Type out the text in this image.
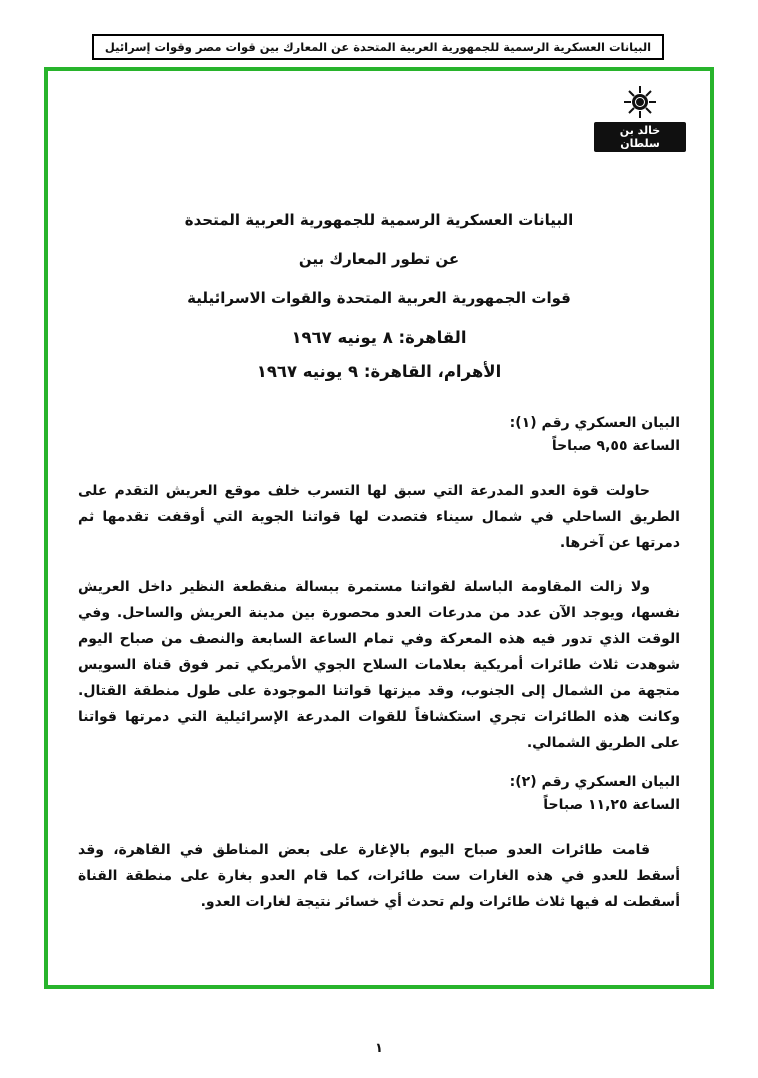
البيانات العسكرية الرسمية للجمهورية العربية المتحدة عن المعارك بين قوات مصر وقوات إسرائيل
خالد بن سلطان
البيانات العسكرية الرسمية للجمهورية العربية المتحدة
عن تطور المعارك بين
قوات الجمهورية العربية المتحدة والقوات الاسرائيلية
القاهرة: ٨ يونيه ١٩٦٧
الأهرام، القاهرة: ٩ يونيه ١٩٦٧
البيان العسكري رقم (١):
الساعة ٩,٥٥ صباحاً

حاولت قوة العدو المدرعة التي سبق لها التسرب خلف موقع العريش التقدم على الطريق الساحلي في شمال سيناء فتصدت لها قواتنا الجوية التي أوقفت تقدمها ثم دمرتها عن آخرها.

ولا زالت المقاومة الباسلة لقواتنا مستمرة ببسالة منقطعة النظير داخل العريش نفسها، ويوجد الآن عدد من مدرعات العدو محصورة بين مدينة العريش والساحل. وفي الوقت الذي تدور فيه هذه المعركة وفي تمام الساعة السابعة والنصف من صباح اليوم شوهدت ثلاث طائرات أمريكية بعلامات السلاح الجوي الأمريكي تمر فوق قناة السويس متجهة من الشمال إلى الجنوب، وقد ميزتها قواتنا الموجودة على طول منطقة القتال. وكانت هذه الطائرات تجري استكشافاً للقوات المدرعة الإسرائيلية التي دمرتها قواتنا على الطريق الشمالي.

البيان العسكري رقم (٢):
الساعة ١١,٢٥ صباحاً

قامت طائرات العدو صباح اليوم بالإغارة على بعض المناطق في القاهرة، وقد أسقط للعدو في هذه الغارات ست طائرات، كما قام العدو بغارة على منطقة القناة أسقطت له فيها ثلاث طائرات ولم تحدث أي خسائر نتيجة لغارات العدو.

١
